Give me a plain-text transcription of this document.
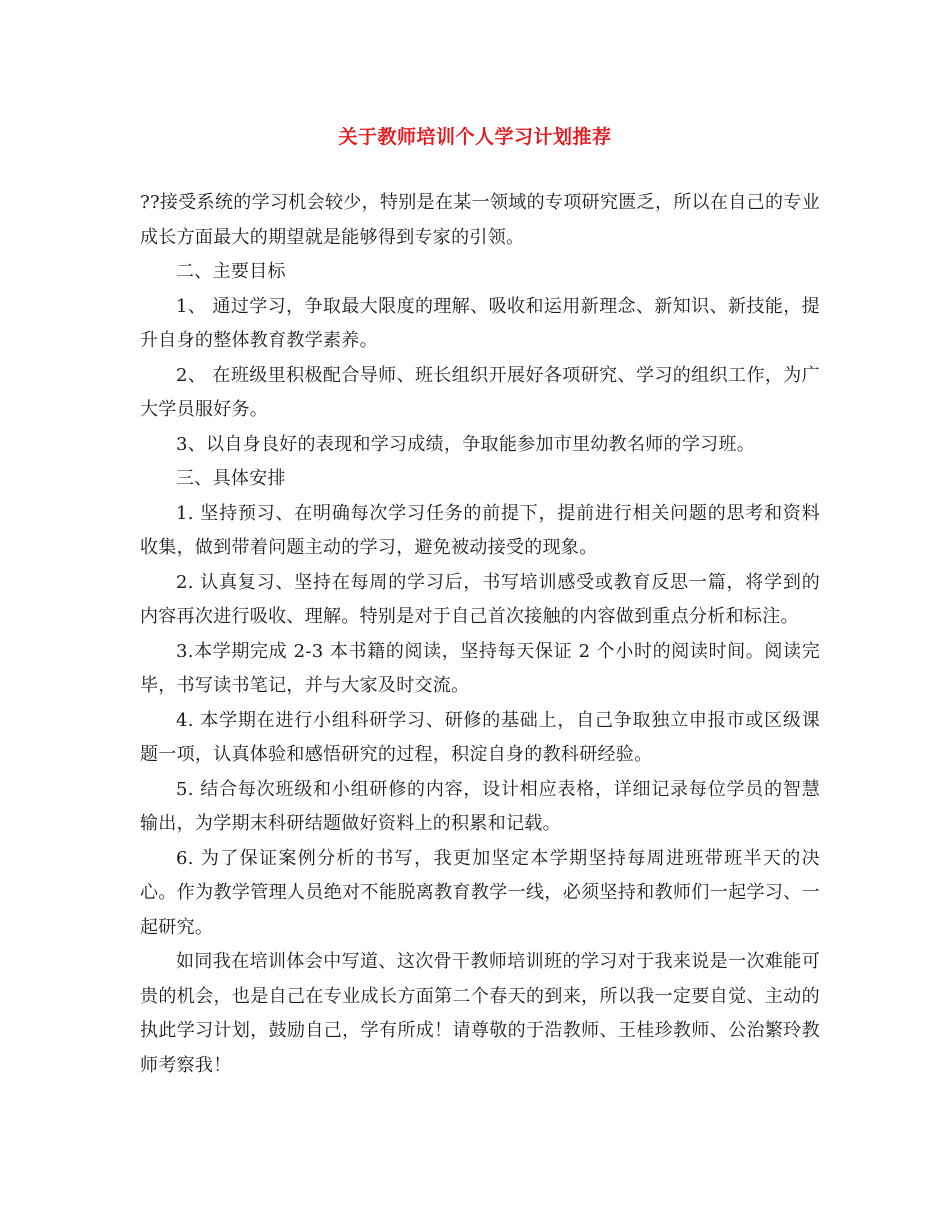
关于教师培训个人学习计划推荐

??接受系统的学习机会较少，特别是在某一领域的专项研究匮乏，所以在自己的专业成长方面最大的期望就是能够得到专家的引领。

二、主要目标

1、 通过学习，争取最大限度的理解、吸收和运用新理念、新知识、新技能，提升自身的整体教育教学素养。

2、 在班级里积极配合导师、班长组织开展好各项研究、学习的组织工作，为广大学员服好务。

3、以自身良好的表现和学习成绩，争取能参加市里幼教名师的学习班。

三、具体安排

1. 坚持预习、在明确每次学习任务的前提下，提前进行相关问题的思考和资料收集，做到带着问题主动的学习，避免被动接受的现象。

2. 认真复习、坚持在每周的学习后，书写培训感受或教育反思一篇，将学到的内容再次进行吸收、理解。特别是对于自己首次接触的内容做到重点分析和标注。

3.本学期完成 2-3 本书籍的阅读，坚持每天保证 2 个小时的阅读时间。阅读完毕，书写读书笔记，并与大家及时交流。

4. 本学期在进行小组科研学习、研修的基础上，自己争取独立申报市或区级课题一项，认真体验和感悟研究的过程，积淀自身的教科研经验。

5. 结合每次班级和小组研修的内容，设计相应表格，详细记录每位学员的智慧输出，为学期末科研结题做好资料上的积累和记载。

6. 为了保证案例分析的书写，我更加坚定本学期坚持每周进班带班半天的决心。作为教学管理人员绝对不能脱离教育教学一线，必须坚持和教师们一起学习、一起研究。

如同我在培训体会中写道、这次骨干教师培训班的学习对于我来说是一次难能可贵的机会，也是自己在专业成长方面第二个春天的到来，所以我一定要自觉、主动的执此学习计划，鼓励自己，学有所成！请尊敬的于浩教师、王桂珍教师、公治繁玲教师考察我！
